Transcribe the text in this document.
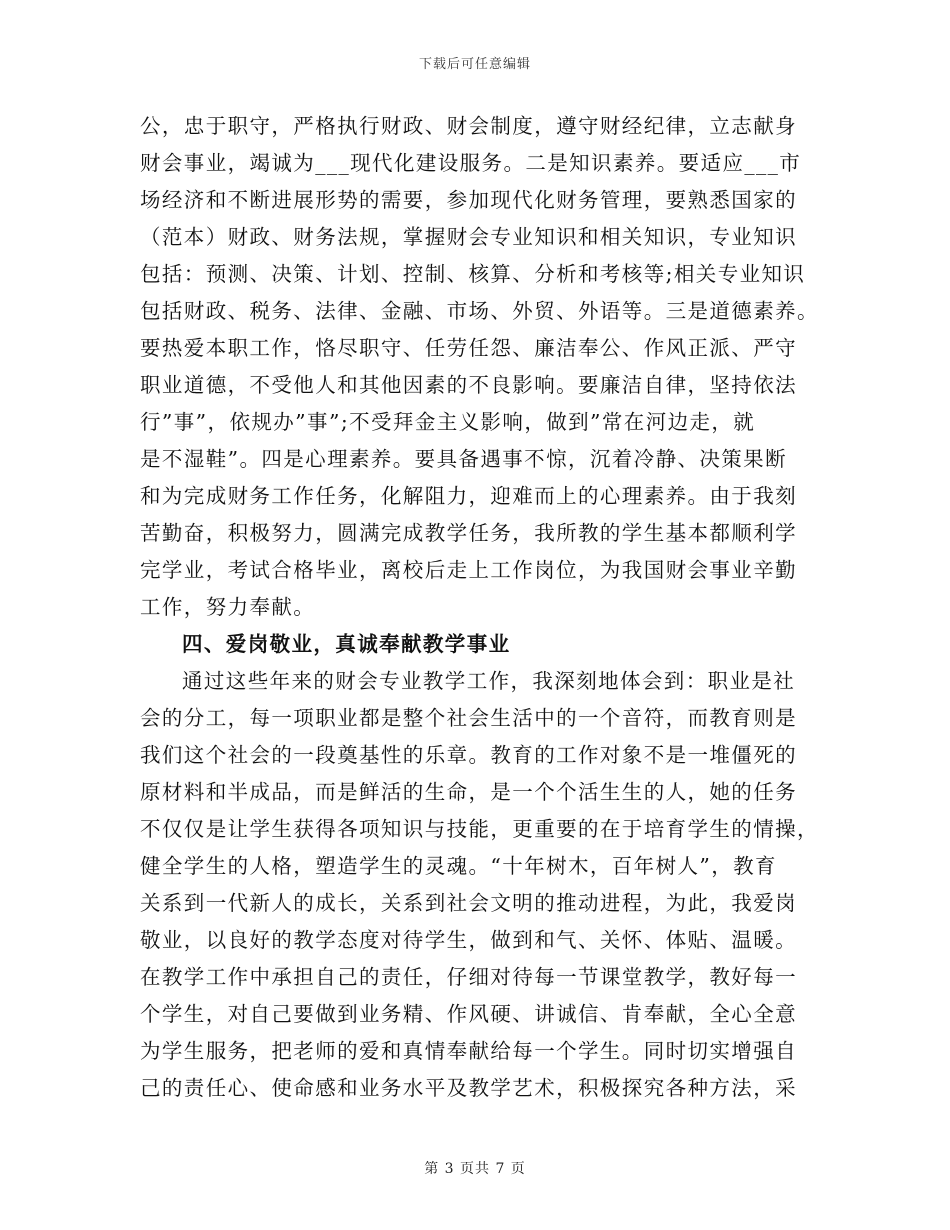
下载后可任意编辑
公，忠于职守，严格执行财政、财会制度，遵守财经纪律，立志献身
财会事业，竭诚为___现代化建设服务。二是知识素养。要适应___市
场经济和不断进展形势的需要，参加现代化财务管理，要熟悉国家的
（范本）财政、财务法规，掌握财会专业知识和相关知识，专业知识
包括：预测、决策、计划、控制、核算、分析和考核等;相关专业知识
包括财政、税务、法律、金融、市场、外贸、外语等。三是道德素养。
要热爱本职工作，恪尽职守、任劳任怨、廉洁奉公、作风正派、严守
职业道德，不受他人和其他因素的不良影响。要廉洁自律，坚持依法
行”事”，依规办”事”;不受拜金主义影响，做到”常在河边走，就
是不湿鞋”。四是心理素养。要具备遇事不惊，沉着冷静、决策果断
和为完成财务工作任务，化解阻力，迎难而上的心理素养。由于我刻
苦勤奋，积极努力，圆满完成教学任务，我所教的学生基本都顺利学
完学业，考试合格毕业，离校后走上工作岗位，为我国财会事业辛勤
工作，努力奉献。
四、爱岗敬业，真诚奉献教学事业
通过这些年来的财会专业教学工作，我深刻地体会到：职业是社
会的分工，每一项职业都是整个社会生活中的一个音符，而教育则是
我们这个社会的一段奠基性的乐章。教育的工作对象不是一堆僵死的
原材料和半成品，而是鲜活的生命，是一个个活生生的人，她的任务
不仅仅是让学生获得各项知识与技能，更重要的在于培育学生的情操，
健全学生的人格，塑造学生的灵魂。“十年树木，百年树人”，教育
关系到一代新人的成长，关系到社会文明的推动进程，为此，我爱岗
敬业，以良好的教学态度对待学生，做到和气、关怀、体贴、温暖。
在教学工作中承担自己的责任，仔细对待每一节课堂教学，教好每一
个学生，对自己要做到业务精、作风硬、讲诚信、肯奉献，全心全意
为学生服务，把老师的爱和真情奉献给每一个学生。同时切实增强自
己的责任心、使命感和业务水平及教学艺术，积极探究各种方法，采
第 3 页共 7 页
